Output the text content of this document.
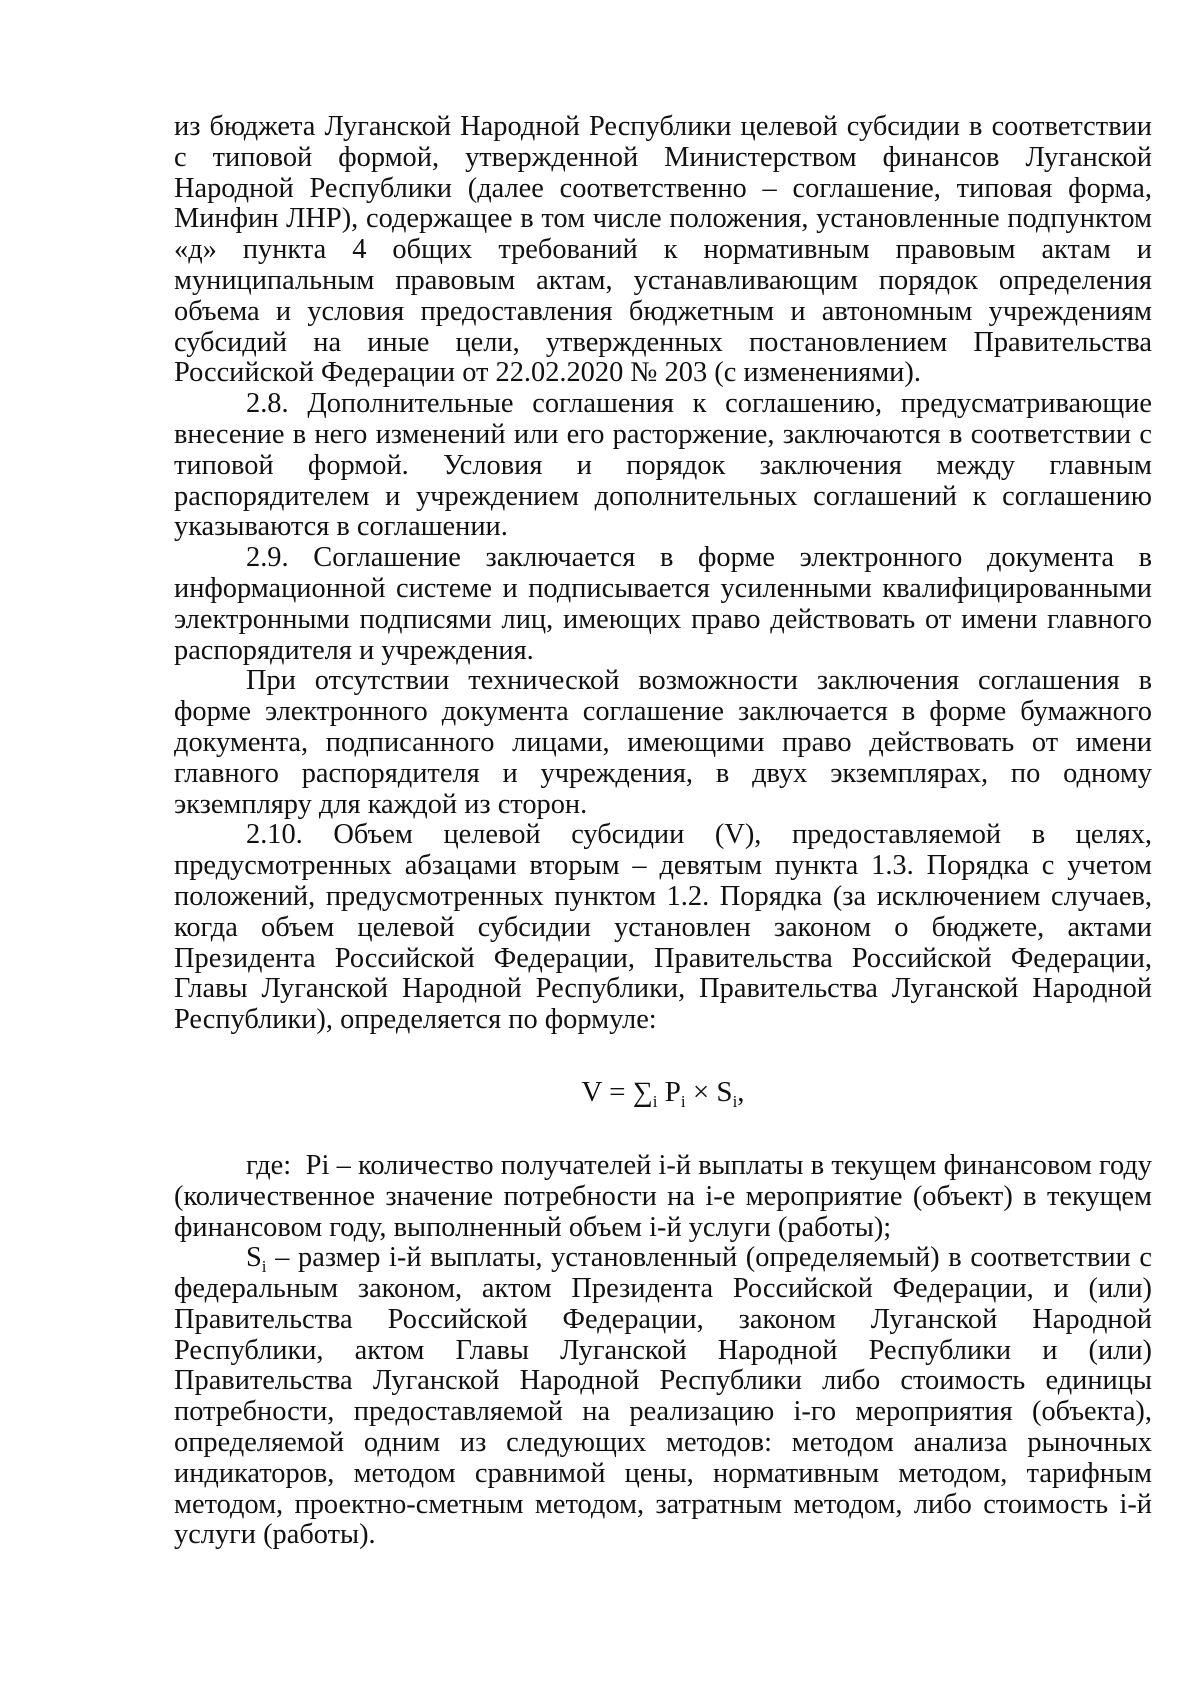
из бюджета Луганской Народной Республики целевой субсидии в соответствии с типовой формой, утвержденной Министерством финансов Луганской Народной Республики (далее соответственно – соглашение, типовая форма, Минфин ЛНР), содержащее в том числе положения, установленные подпунктом «д» пункта 4 общих требований к нормативным правовым актам и муниципальным правовым актам, устанавливающим порядок определения объема и условия предоставления бюджетным и автономным учреждениям субсидий на иные цели, утвержденных постановлением Правительства Российской Федерации от 22.02.2020 № 203 (с изменениями).

2.8. Дополнительные соглашения к соглашению, предусматривающие внесение в него изменений или его расторжение, заключаются в соответствии с типовой формой. Условия и порядок заключения между главным распорядителем и учреждением дополнительных соглашений к соглашению указываются в соглашении.

2.9. Соглашение заключается в форме электронного документа в информационной системе и подписывается усиленными квалифицированными электронными подписями лиц, имеющих право действовать от имени главного распорядителя и учреждения.

При отсутствии технической возможности заключения соглашения в форме электронного документа соглашение заключается в форме бумажного документа, подписанного лицами, имеющими право действовать от имени главного распорядителя и учреждения, в двух экземплярах, по одному экземпляру для каждой из сторон.

2.10. Объем целевой субсидии (V), предоставляемой в целях, предусмотренных абзацами вторым – девятым пункта 1.3. Порядка с учетом положений, предусмотренных пунктом 1.2. Порядка (за исключением случаев, когда объем целевой субсидии установлен законом о бюджете, актами Президента Российской Федерации, Правительства Российской Федерации, Главы Луганской Народной Республики, Правительства Луганской Народной Республики), определяется по формуле:

$V = \sum_i$ $P_i \times S_i$,

где: Pi – количество получателей i-й выплаты в текущем финансовом году (количественное значение потребности на i-е мероприятие (объект) в текущем финансовом году, выполненный объем i-й услуги (работы);

$S_i$ – размер i-й выплаты, установленный (определяемый) в соответствии с федеральным законом, актом Президента Российской Федерации, и (или) Правительства Российской Федерации, законом Луганской Народной Республики, актом Главы Луганской Народной Республики и (или) Правительства Луганской Народной Республики либо стоимость единицы потребности, предоставляемой на реализацию i-го мероприятия (объекта), определяемой одним из следующих методов: методом анализа рыночных индикаторов, методом сравнимой цены, нормативным методом, тарифным методом, проектно-сметным методом, затратным методом, либо стоимость i-й услуги (работы).
